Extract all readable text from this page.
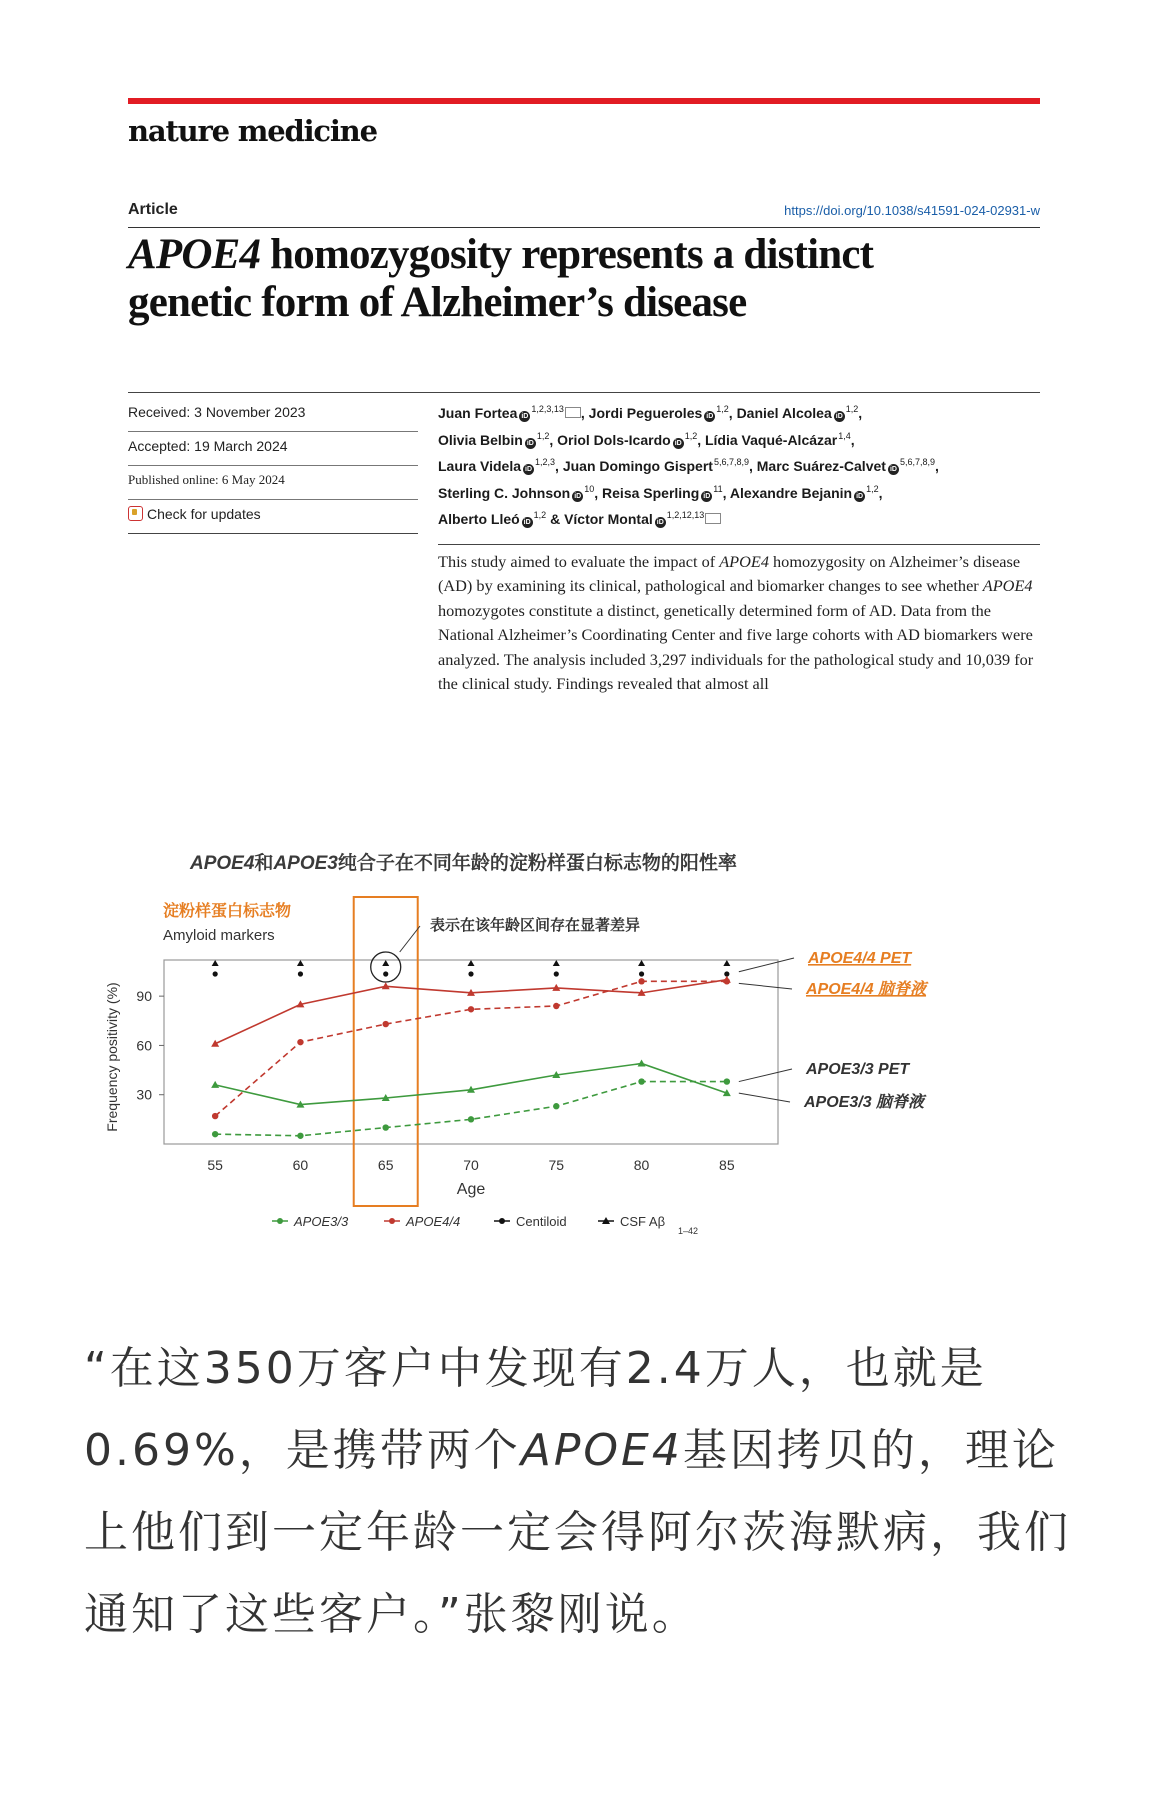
nature medicine
Article	https://doi.org/10.1038/s41591-024-02931-w
APOE4 homozygosity represents a distinct
genetic form of Alzheimer’s disease
Received: 3 November 2023
Accepted: 19 March 2024
Published online: 6 May 2024
Check for updates
Juan Fortea iD$^{1,2,3,13}$ , Jordi Pegueroles iD$^{1,2}$, Daniel Alcolea iD$^{1,2}$,
Olivia Belbin iD$^{1,2}$, Oriol Dols-Icardo iD$^{1,2}$, Lídia Vaqué-Alcázar$^{1,4}$,
Laura Videla iD$^{1,2,3}$, Juan Domingo Gispert$^{5,6,7,8,9}$, Marc Suárez-Calvet iD$^{5,6,7,8,9}$,
Sterling C. Johnson $iD^{10}$, Reisa Sperling $iD^{11}$, Alexandre Bejanin iD$^{1,2}$,
Alberto Lleó iD$^{1,2}$ & Víctor Montal iD$^{1,2,12,13}$
This study aimed to evaluate the impact of APOE4 homozygosity on Alzheimer’s disease (AD) by examining its clinical, pathological and biomarker changes to see whether APOE4 homozygotes constitute a distinct, genetically determined form of AD. Data from the National Alzheimer’s Coordinating Center and five large cohorts with AD biomarkers were analyzed. The analysis included 3,297 individuals for the pathological study and 10,039 for the clinical study. Findings revealed that almost all
APOE4和APOE3纯合子在不同年龄的淀粉样蛋白标志物的阳性率
30
60
90
55	60	65	70	75	80	85
Age
Frequency positivity (%)
淀粉样蛋白标志物
Amyloid markers
表示在该年龄区间存在显著差异
APOE4/4 PET
APOE4/4 脑脊液
APOE3/3 PET
APOE3/3 脑脊液
APOE3/3	APOE4/4	Centiloid	CSF Aβ
1–42
“在这350万客户中发现有2.4万人，也就是0.69%，是携带两个APOE4基因拷贝的，理论上他们到一定年龄一定会得阿尔茨海默病，我们通知了这些客户。”张黎刚说。
